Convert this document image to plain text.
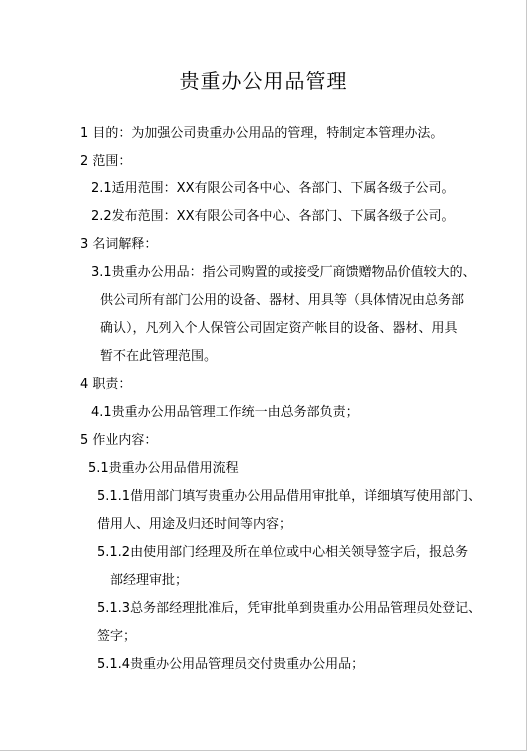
贵重办公用品管理
1 目的：为加强公司贵重办公用品的管理，特制定本管理办法。
2 范围：
2.1适用范围：XX有限公司各中心、各部门、下属各级子公司。
2.2发布范围：XX有限公司各中心、各部门、下属各级子公司。
3 名词解释：
3.1贵重办公用品：指公司购置的或接受厂商馈赠物品价值较大的、
供公司所有部门公用的设备、器材、用具等（具体情况由总务部
确认），凡列入个人保管公司固定资产帐目的设备、器材、用具
暂不在此管理范围。
4 职责：
4.1贵重办公用品管理工作统一由总务部负责；
5 作业内容：
5.1贵重办公用品借用流程
5.1.1借用部门填写贵重办公用品借用审批单，详细填写使用部门、
借用人、用途及归还时间等内容；
5.1.2由使用部门经理及所在单位或中心相关领导签字后，报总务
部经理审批；
5.1.3总务部经理批准后，凭审批单到贵重办公用品管理员处登记、
签字；
5.1.4贵重办公用品管理员交付贵重办公用品；
